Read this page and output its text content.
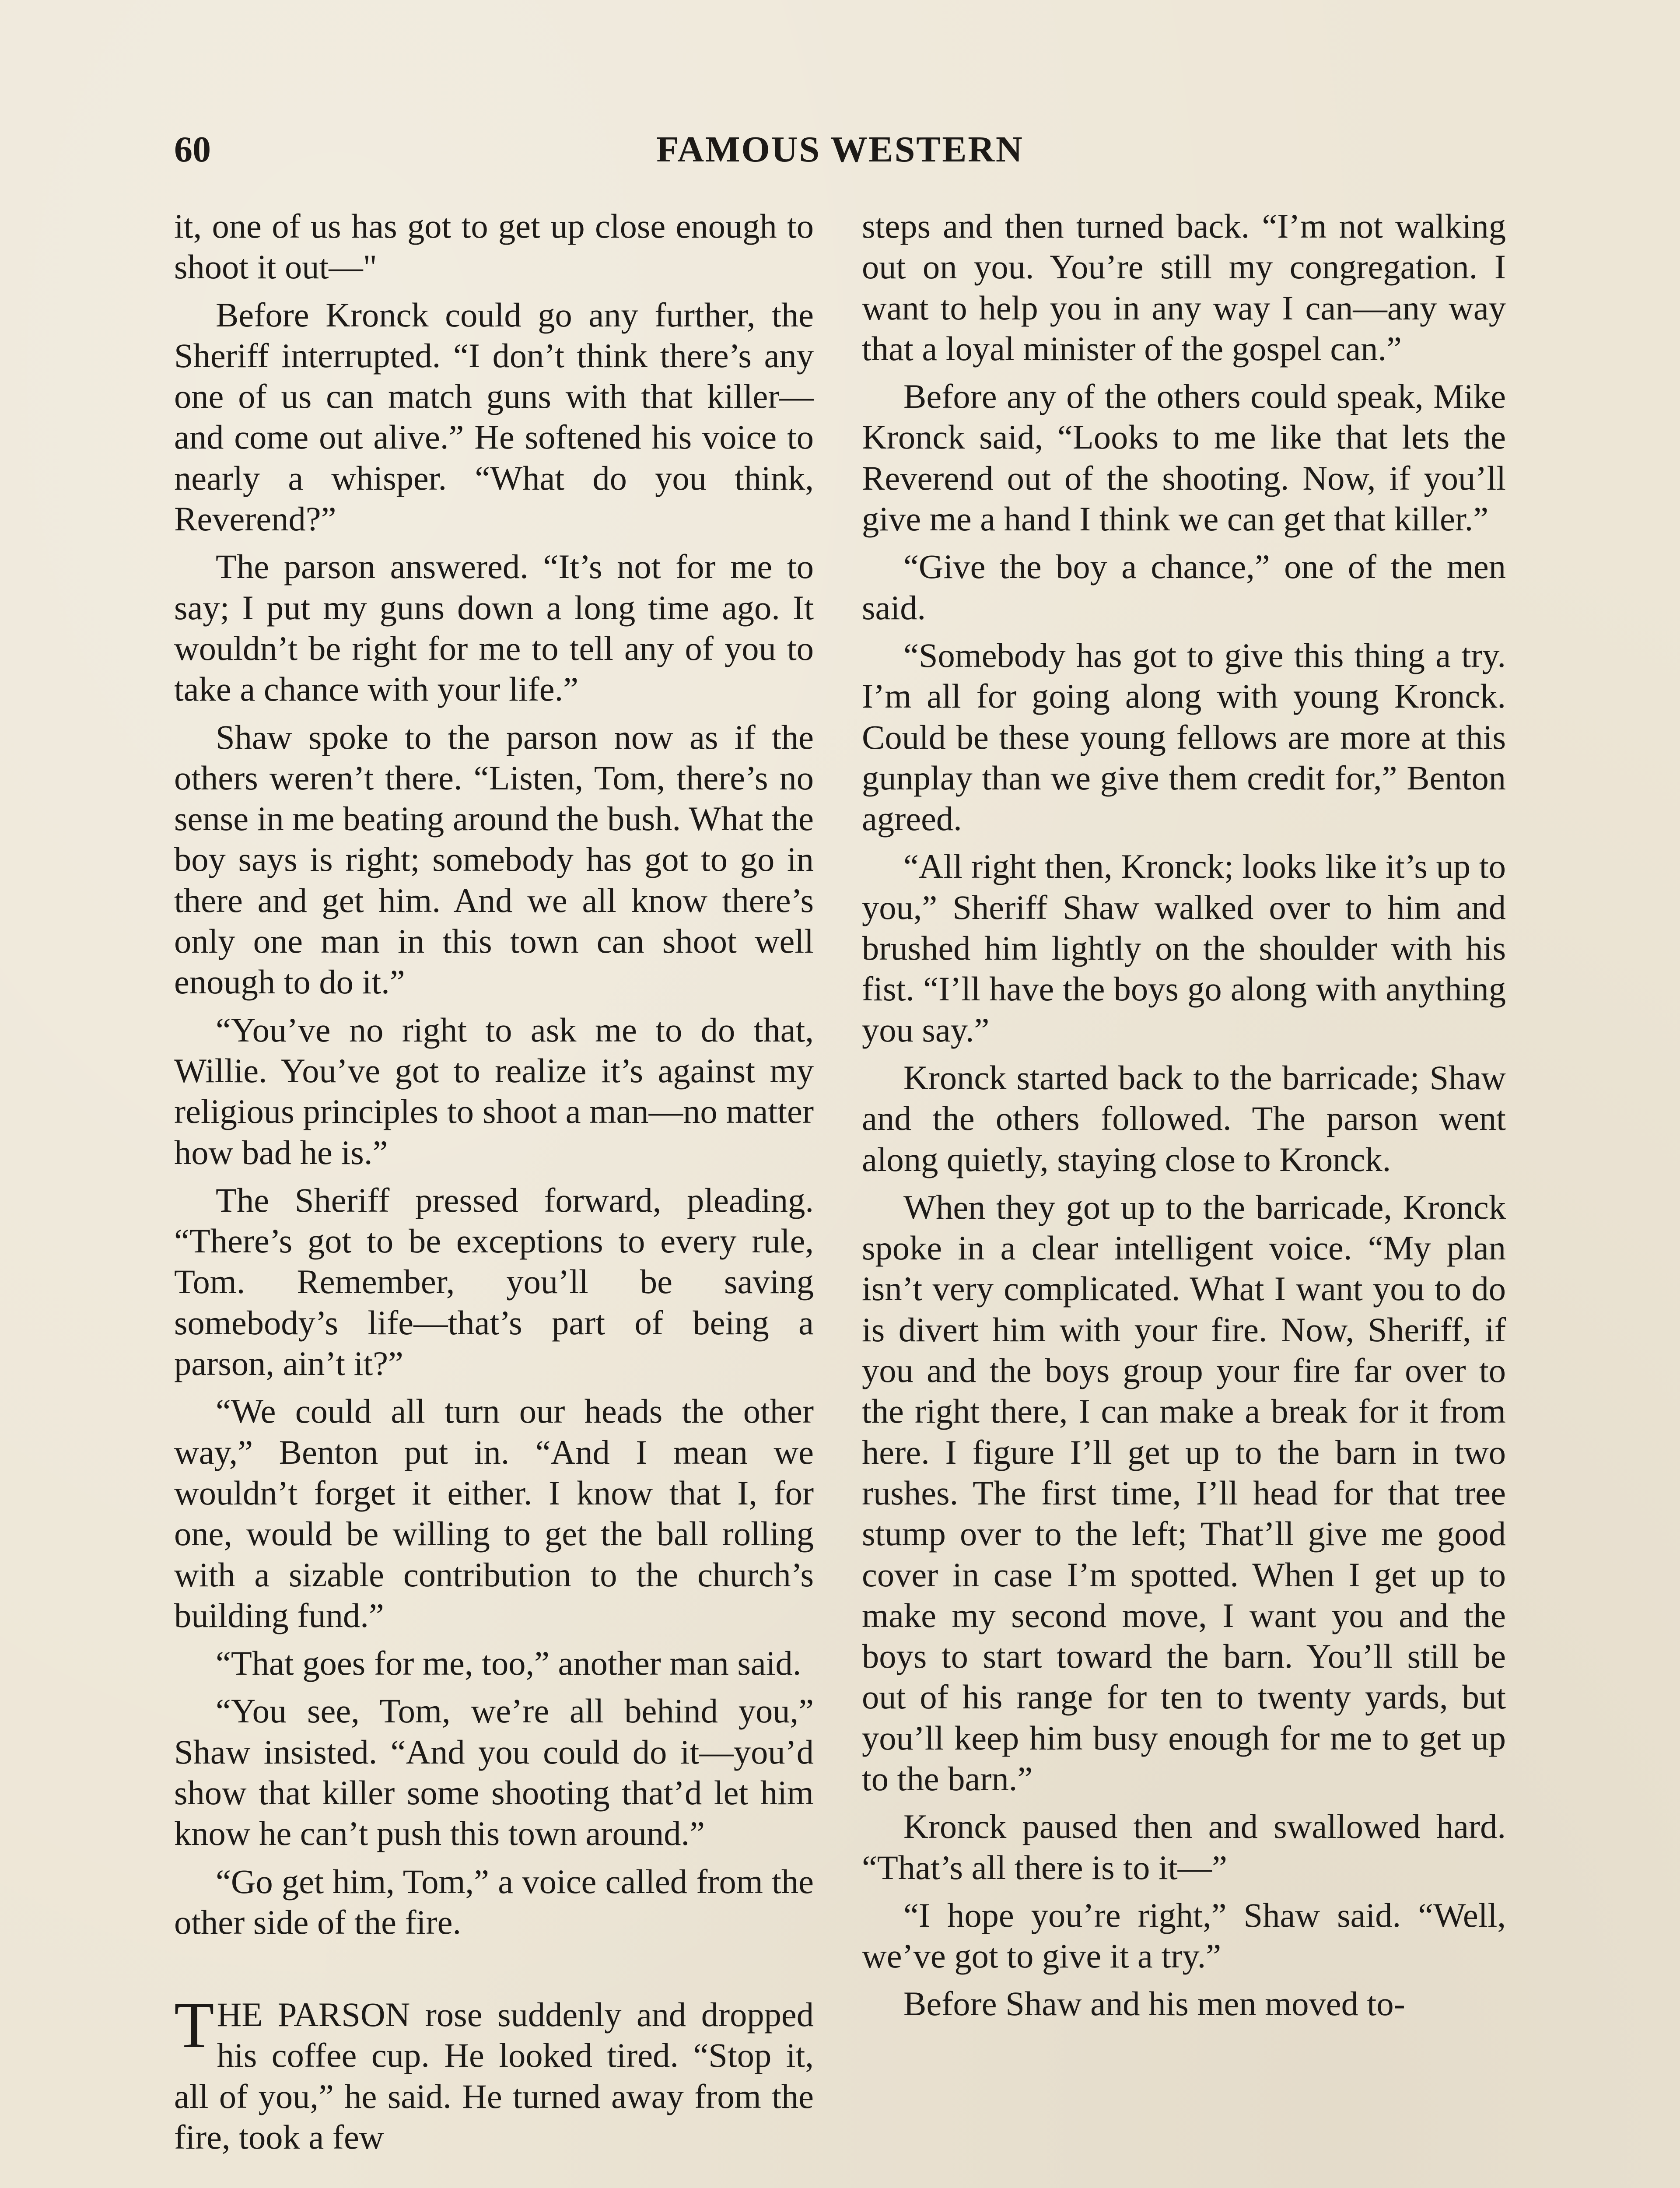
60	FAMOUS WESTERN

it, one of us has got to get up close enough to shoot it out—"

Before Kronck could go any further, the Sheriff interrupted. “I don’t think there’s any one of us can match guns with that killer—and come out alive.” He softened his voice to nearly a whisper. “What do you think, Reverend?”

The parson answered. “It’s not for me to say; I put my guns down a long time ago. It wouldn’t be right for me to tell any of you to take a chance with your life.”

Shaw spoke to the parson now as if the others weren’t there. “Listen, Tom, there’s no sense in me beating around the bush. What the boy says is right; somebody has got to go in there and get him. And we all know there’s only one man in this town can shoot well enough to do it.”

“You’ve no right to ask me to do that, Willie. You’ve got to realize it’s against my religious principles to shoot a man—no matter how bad he is.”

The Sheriff pressed forward, pleading. “There’s got to be exceptions to every rule, Tom. Remember, you’ll be saving somebody’s life—that’s part of being a parson, ain’t it?”

“We could all turn our heads the other way,” Benton put in. “And I mean we wouldn’t forget it either. I know that I, for one, would be willing to get the ball rolling with a sizable contribution to the church’s building fund.”

“That goes for me, too,” another man said.

“You see, Tom, we’re all behind you,” Shaw insisted. “And you could do it—you’d show that killer some shooting that’d let him know he can’t push this town around.”

“Go get him, Tom,” a voice called from the other side of the fire.

THE PARSON rose suddenly and dropped his coffee cup. He looked tired. “Stop it, all of you,” he said. He turned away from the fire, took a few

steps and then turned back. “I’m not walking out on you. You’re still my congregation. I want to help you in any way I can—any way that a loyal minister of the gospel can.”

Before any of the others could speak, Mike Kronck said, “Looks to me like that lets the Reverend out of the shooting. Now, if you’ll give me a hand I think we can get that killer.”

“Give the boy a chance,” one of the men said.

“Somebody has got to give this thing a try. I’m all for going along with young Kronck. Could be these young fellows are more at this gunplay than we give them credit for,” Benton agreed.

“All right then, Kronck; looks like it’s up to you,” Sheriff Shaw walked over to him and brushed him lightly on the shoulder with his fist. “I’ll have the boys go along with anything you say.”

Kronck started back to the barricade; Shaw and the others followed. The parson went along quietly, staying close to Kronck.

When they got up to the barricade, Kronck spoke in a clear intelligent voice. “My plan isn’t very complicated. What I want you to do is divert him with your fire. Now, Sheriff, if you and the boys group your fire far over to the right there, I can make a break for it from here. I figure I’ll get up to the barn in two rushes. The first time, I’ll head for that tree stump over to the left; That’ll give me good cover in case I’m spotted. When I get up to make my second move, I want you and the boys to start toward the barn. You’ll still be out of his range for ten to twenty yards, but you’ll keep him busy enough for me to get up to the barn.”

Kronck paused then and swallowed hard. “That’s all there is to it—”

“I hope you’re right,” Shaw said. “Well, we’ve got to give it a try.”

Before Shaw and his men moved to-
